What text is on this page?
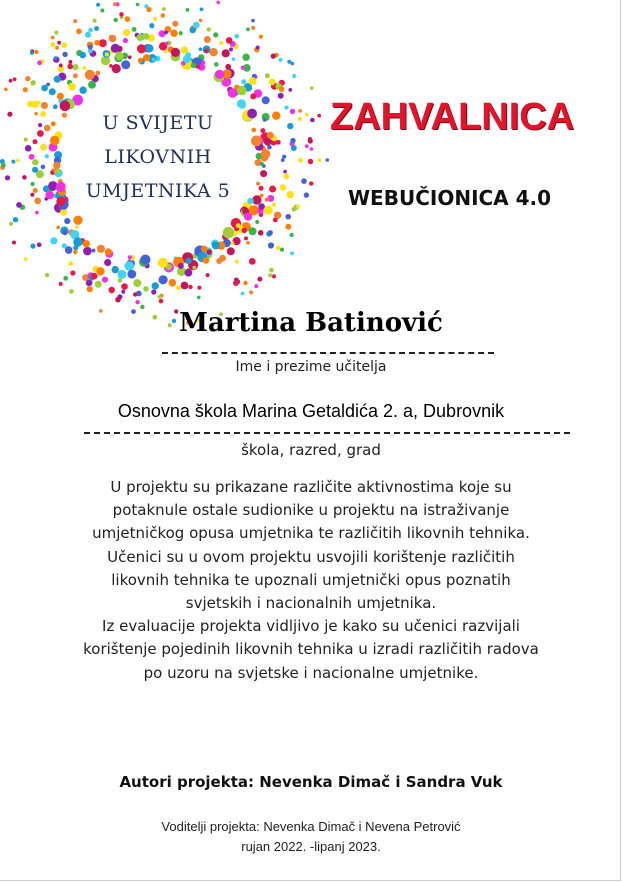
U SVIJETU
LIKOVNIH
UMJETNIKA 5
ZAHVALNICA
WEBUČIONICA 4.0
Martina Batinović
Ime i prezime učitelja
Osnovna škola Marina Getaldića 2. a, Dubrovnik
škola, razred, grad

U projektu su prikazane različite aktivnostima koje su potaknule ostale sudionike u projektu na istraživanje umjetničkog opusa umjetnika te različitih likovnih tehnika.

Učenici su u ovom projektu usvojili korištenje različitih likovnih tehnika te upoznali umjetnički opus poznatih svjetskih i nacionalnih umjetnika.

Iz evaluacije projekta vidljivo je kako su učenici razvijali korištenje pojedinih likovnih tehnika u izradi različitih radova po uzoru na svjetske i nacionalne umjetnike.

Autori projekta: Nevenka Dimač i Sandra Vuk
Voditelji projekta: Nevenka Dimač i Nevena Petrović
rujan 2022. -lipanj 2023.
